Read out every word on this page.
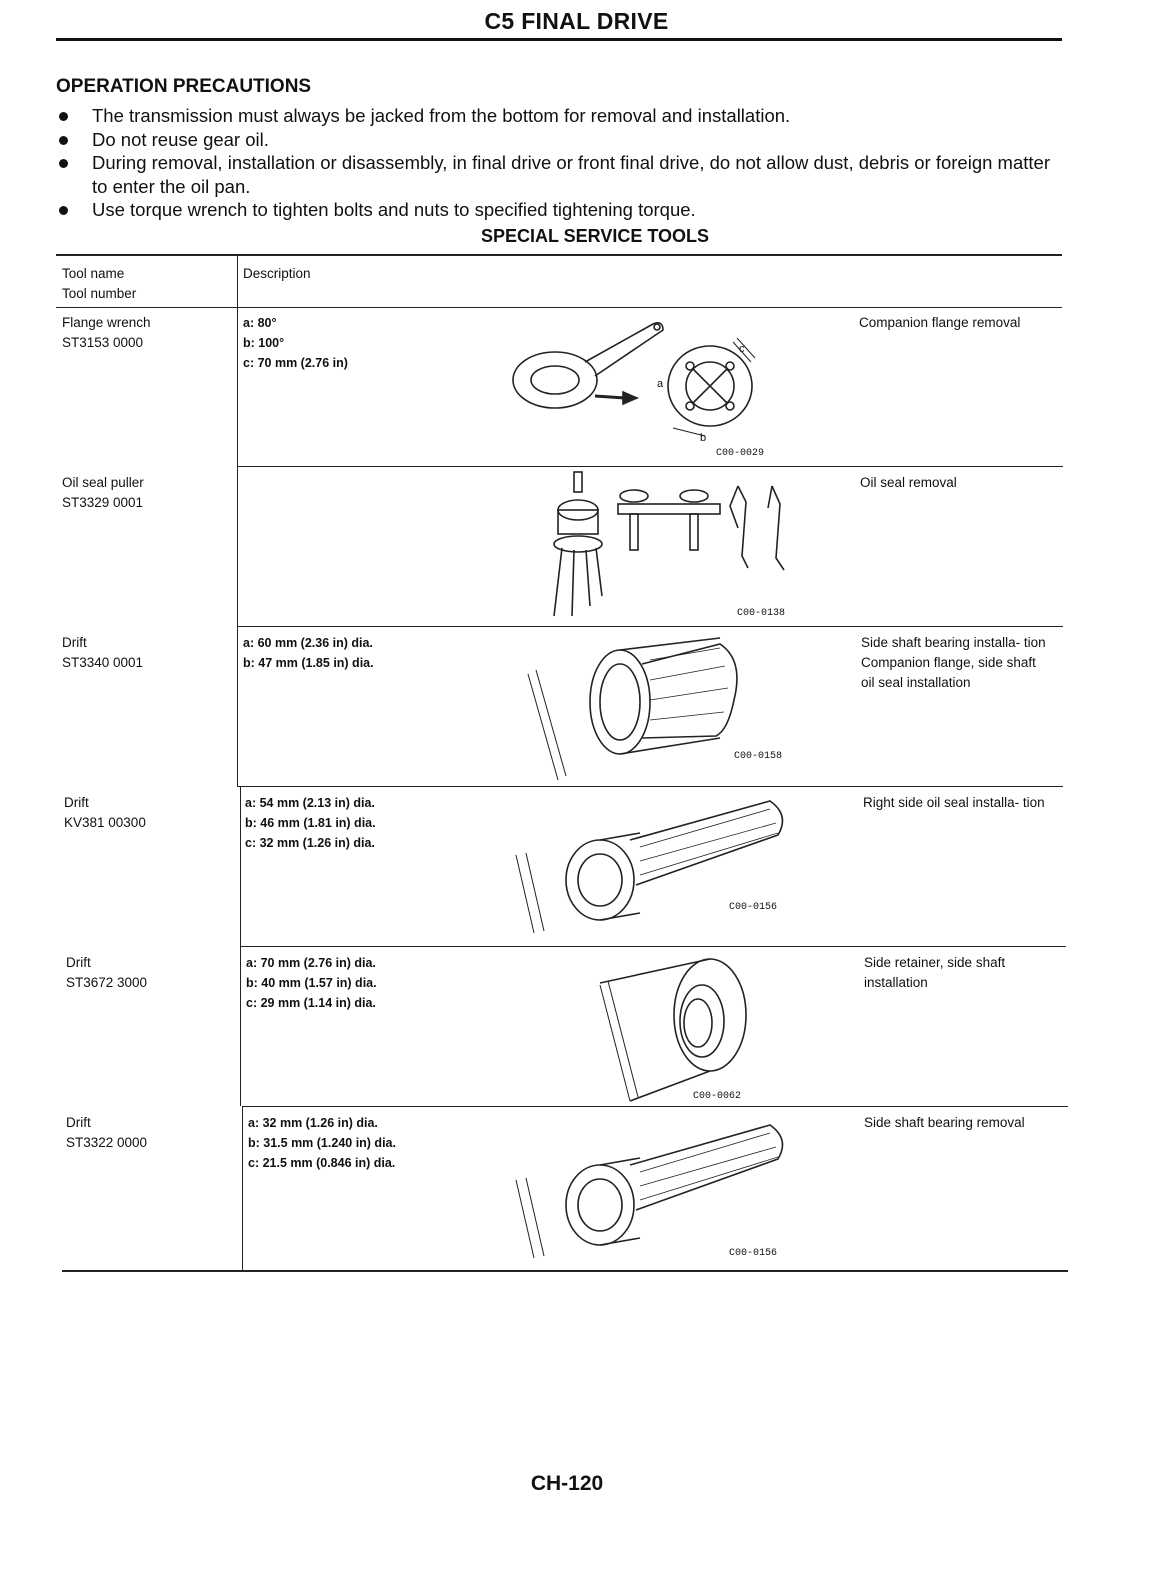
C5 FINAL DRIVE
OPERATION PRECAUTIONS
The transmission must always be jacked from the bottom for removal and installation.
Do not reuse gear oil.
During removal, installation or disassembly, in final drive or front final drive, do not allow dust, debris or foreign matter to enter the oil pan.
Use torque wrench to tighten bolts and nuts to specified tightening torque.
SPECIAL SERVICE TOOLS
Tool name
Tool number
Description
Flange wrench
ST3153 0000
a: 80°
b: 100°
c: 70 mm (2.76 in)
Companion flange removal
a
c
b
C00-0029
Oil seal puller
ST3329 0001
Oil seal removal
C00-0138
Drift
ST3340 0001
a: 60 mm (2.36 in) dia.
b: 47 mm (1.85 in) dia.
Side shaft bearing installa- tion Companion flange, side shaft oil seal installation
C00-0158
Drift
KV381 00300
a: 54 mm (2.13 in) dia.
b: 46 mm (1.81 in) dia.
c: 32 mm (1.26 in) dia.
Right side oil seal installa- tion
C00-0156
Drift
ST3672 3000
a: 70 mm (2.76 in) dia.
b: 40 mm (1.57 in) dia.
c: 29 mm (1.14 in) dia.
Side retainer, side shaft installation
C00-0062
Drift
ST3322 0000
a: 32 mm (1.26 in) dia.
b: 31.5 mm (1.240 in) dia.
c: 21.5 mm (0.846 in) dia.
Side shaft bearing removal
C00-0156
CH-120
